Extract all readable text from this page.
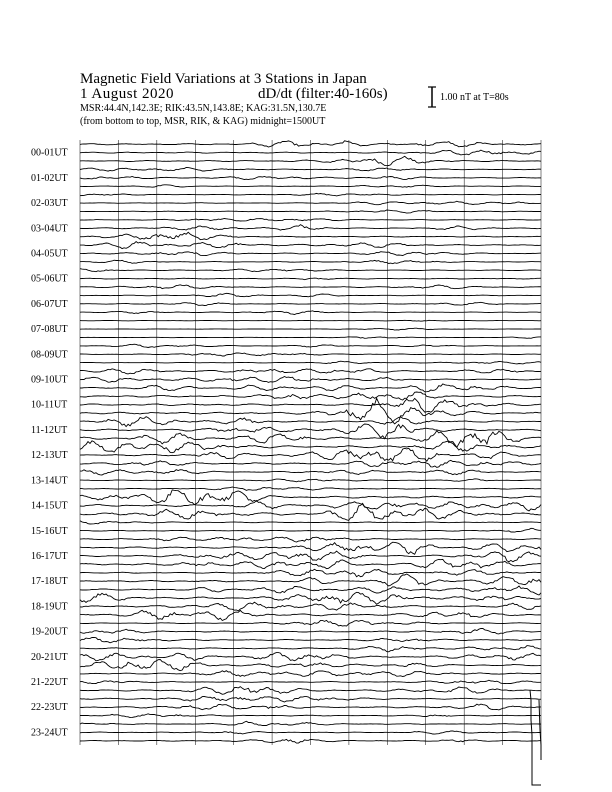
Magnetic Field Variations at 3 Stations in Japan
1 August 2020	dD/dt (filter:40-160s)
MSR:44.4N,142.3E; RIK:43.5N,143.8E; KAG:31.5N,130.7E
(from bottom to top, MSR, RIK, & KAG) midnight=1500UT
1.00 nT at T=80s
00-01UT
01-02UT
02-03UT
03-04UT
04-05UT
05-06UT
06-07UT
07-08UT
08-09UT
09-10UT
10-11UT
11-12UT
12-13UT
13-14UT
14-15UT
15-16UT
16-17UT
17-18UT
18-19UT
19-20UT
20-21UT
21-22UT
22-23UT
23-24UT
